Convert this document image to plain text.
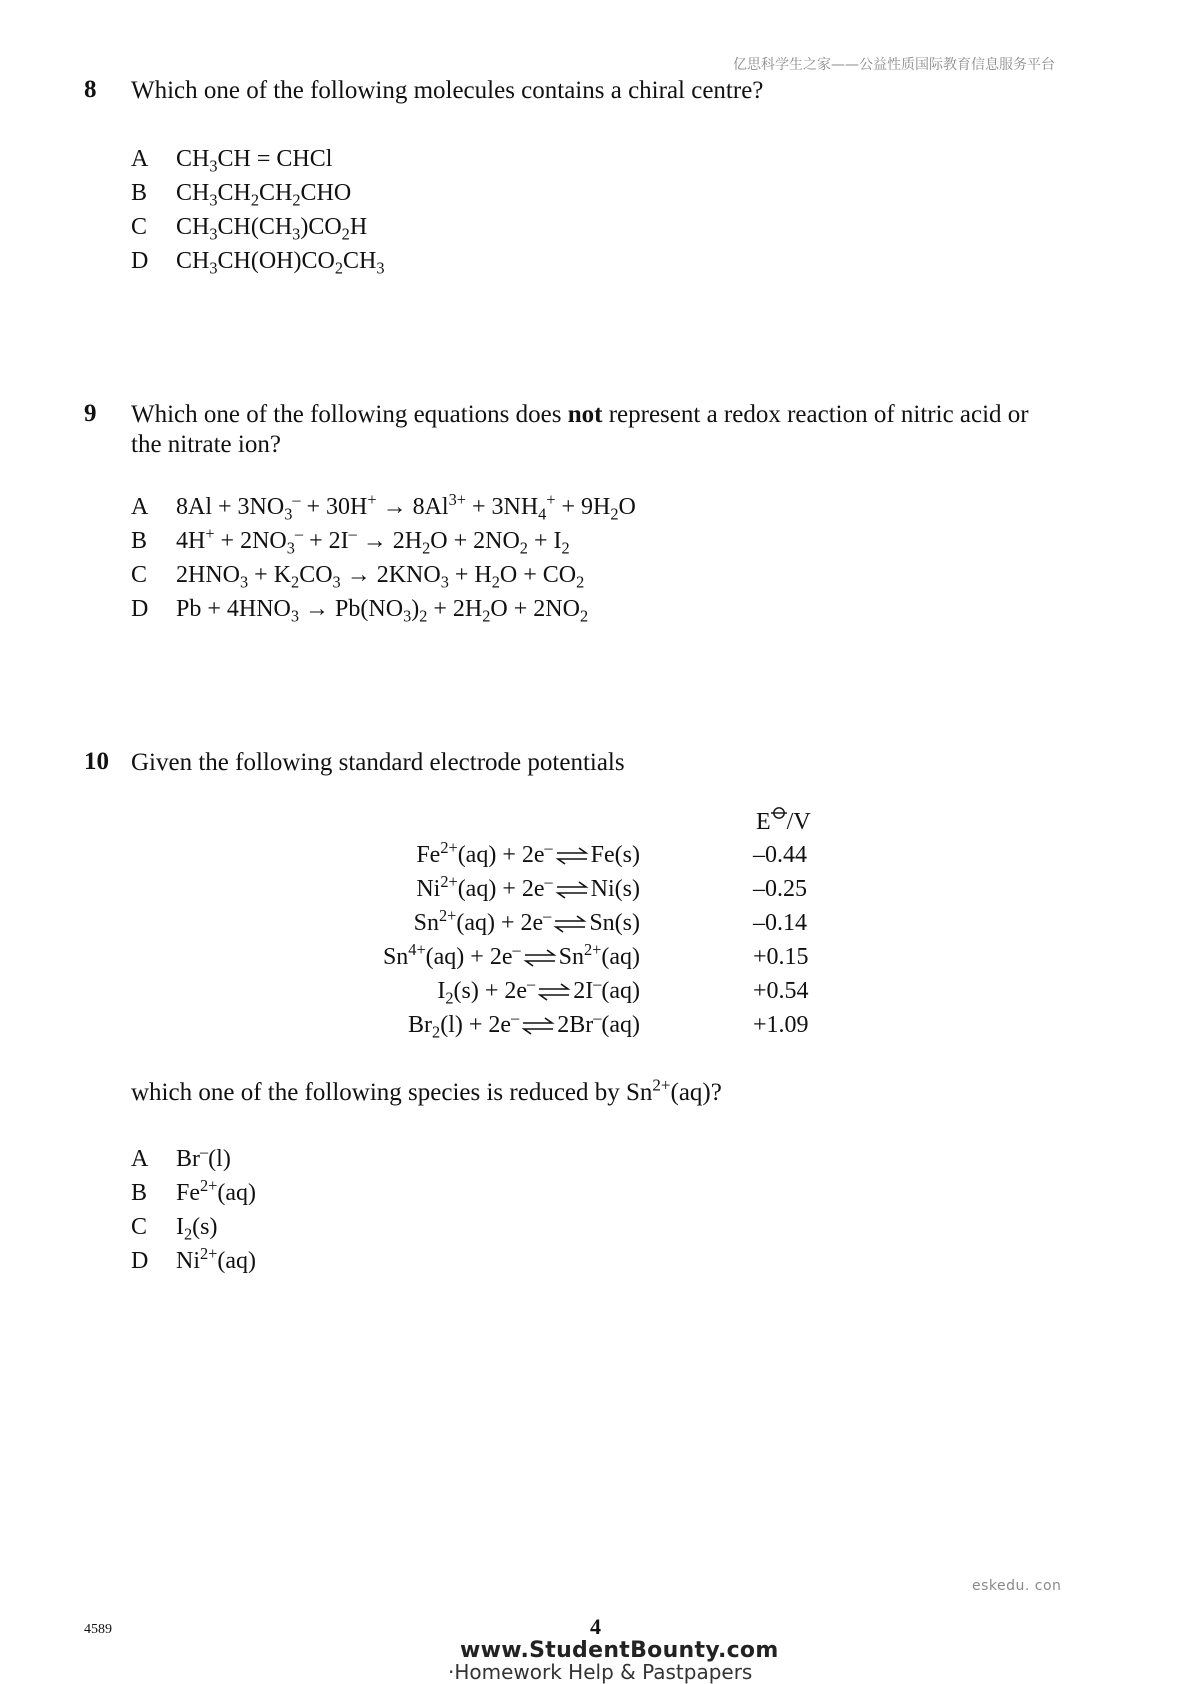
亿思科学生之家——公益性质国际教育信息服务平台
8 Which one of the following molecules contains a chiral centre?
A $CH_3CH$ = CHCl
B $CH_3CH_2CH_2CHO$
C $CH_3CH(CH_3)CO_2H$
D $CH_3CH(OH)CO_2CH_3$
9 Which one of the following equations does not represent a redox reaction of nitric acid or
the nitrate ion?
A $8Al + 3NO_3^- + 30H^+ \to 8Al^{3+} + 3NH_4^+ + 9H_2O$
B $4H^+ + 2NO_3^- + 2I^- \to 2H_2O + 2NO_2 + I_2$
C $2HNO_3 + K_2CO_3 \to 2KNO_3 + H_2O + CO_2$
D $Pb + 4HNO_3 \to Pb(NO_3)_2 + 2H_2O + 2NO_2$
10 Given the following standard electrode potentials
E /V
$Fe^{2+}(aq) + 2e^-$ ⇌ Fe(s)	–0.44
$Ni^{2+}(aq) + 2e^-$ ⇌ Ni(s)	–0.25
$Sn^{2+}(aq) + 2e^-$ ⇌ Sn(s)	–0.14
$Sn^{4+}(aq) + 2e^-$ ⇌ $Sn^{2+}(aq)$	+0.15
$I_2(s) + 2e^-$ ⇌ 2I–(aq)	+0.54
$Br_2(l) + 2e^-$ ⇌ 2Br–(aq)	+1.09
which one of the following species is reduced by $Sn^{2+}(aq)$?
A Br–(l)
B $Fe^{2+}(aq)$
C $I_2(s)$
D $Ni^{2+}(aq)$
eskedu. con
4589	4
www.StudentBounty.com
·Homework Help & Pastpapers
